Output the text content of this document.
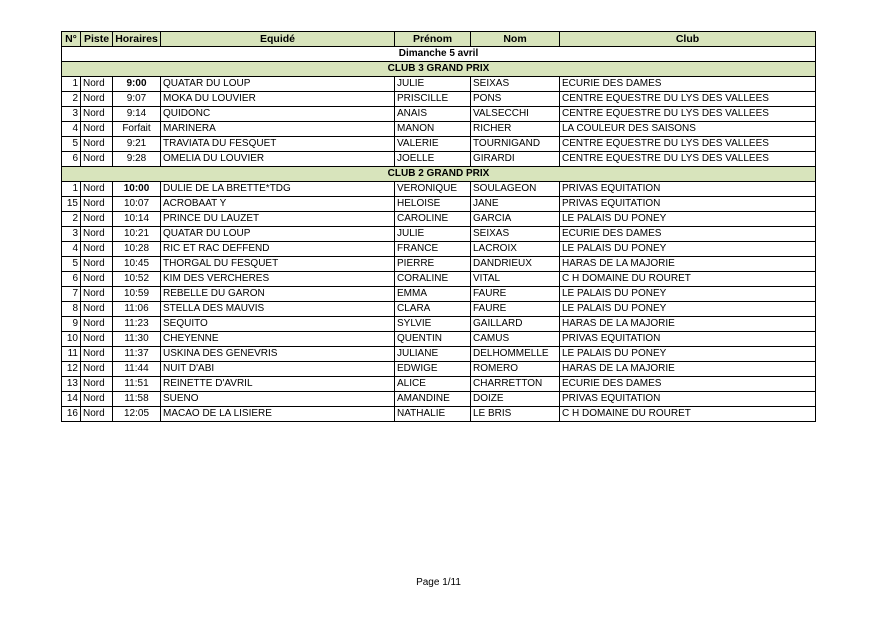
N°	Piste	Horaires	Equidé	Prénom	Nom	Club
Dimanche 5 avril						
CLUB 3 GRAND PRIX						
1	Nord	9:00	QUATAR DU LOUP	JULIE	SEIXAS	ECURIE DES DAMES
2	Nord	9:07	MOKA DU LOUVIER	PRISCILLE	PONS	CENTRE EQUESTRE DU LYS DES VALLEES
3	Nord	9:14	QUIDONC	ANAIS	VALSECCHI	CENTRE EQUESTRE DU LYS DES VALLEES
4	Nord	Forfait	MARINERA	MANON	RICHER	LA COULEUR DES SAISONS
5	Nord	9:21	TRAVIATA DU FESQUET	VALERIE	TOURNIGAND	CENTRE EQUESTRE DU LYS DES VALLEES
6	Nord	9:28	OMELIA DU LOUVIER	JOELLE	GIRARDI	CENTRE EQUESTRE DU LYS DES VALLEES
CLUB 2 GRAND PRIX						
1	Nord	10:00	DULIE DE LA BRETTE*TDG	VERONIQUE	SOULAGEON	PRIVAS EQUITATION
15	Nord	10:07	ACROBAAT Y	HELOISE	JANE	PRIVAS EQUITATION
2	Nord	10:14	PRINCE DU LAUZET	CAROLINE	GARCIA	LE PALAIS DU PONEY
3	Nord	10:21	QUATAR DU LOUP	JULIE	SEIXAS	ECURIE DES DAMES
4	Nord	10:28	RIC ET RAC DEFFEND	FRANCE	LACROIX	LE PALAIS DU PONEY
5	Nord	10:45	THORGAL DU FESQUET	PIERRE	DANDRIEUX	HARAS DE LA MAJORIE
6	Nord	10:52	KIM DES VERCHERES	CORALINE	VITAL	C H DOMAINE DU ROURET
7	Nord	10:59	REBELLE DU GARON	EMMA	FAURE	LE PALAIS DU PONEY
8	Nord	11:06	STELLA DES MAUVIS	CLARA	FAURE	LE PALAIS DU PONEY
9	Nord	11:23	SEQUITO	SYLVIE	GAILLARD	HARAS DE LA MAJORIE
10	Nord	11:30	CHEYENNE	QUENTIN	CAMUS	PRIVAS EQUITATION
11	Nord	11:37	USKINA DES GENEVRIS	JULIANE	DELHOMMELLE	LE PALAIS DU PONEY
12	Nord	11:44	NUIT D'ABI	EDWIGE	ROMERO	HARAS DE LA MAJORIE
13	Nord	11:51	REINETTE D'AVRIL	ALICE	CHARRETTON	ECURIE DES DAMES
14	Nord	11:58	SUENO	AMANDINE	DOIZE	PRIVAS EQUITATION
16	Nord	12:05	MACAO DE LA LISIERE	NATHALIE	LE BRIS	C H DOMAINE DU ROURET
Page 1/11
